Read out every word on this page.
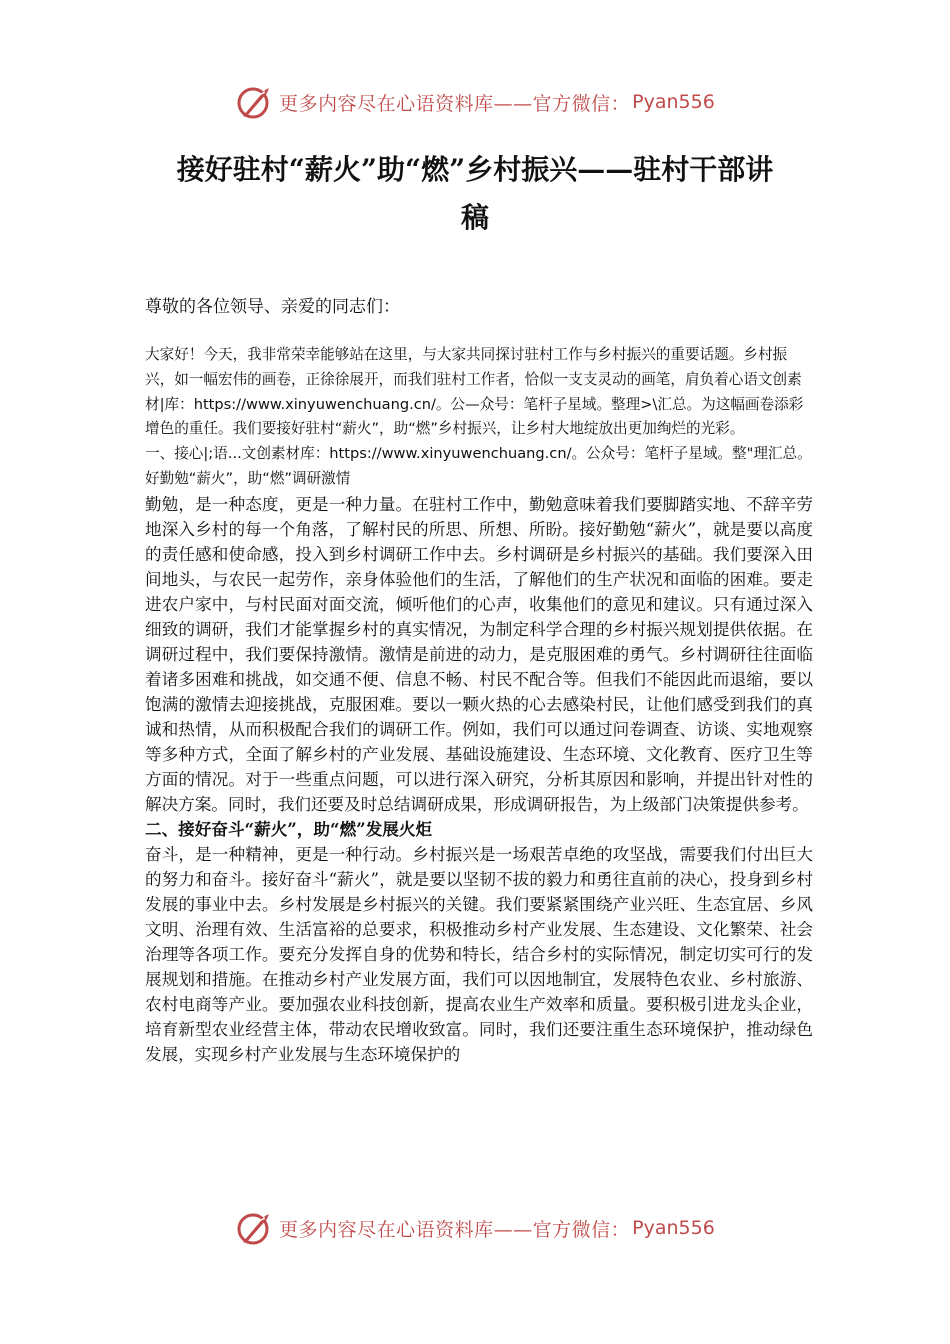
更多内容尽在心语资料库——官方微信： Pyan556
接好驻村“薪火”助“燃”乡村振兴——驻村干部讲
稿

尊敬的各位领导、亲爱的同志们：

大家好！今天，我非常荣幸能够站在这里，与大家共同探讨驻村工作与乡村振兴的重要话题。乡村振兴，如一幅宏伟的画卷，正徐徐展开，而我们驻村工作者，恰似一支支灵动的画笔，肩负着心语文创素材|库：https://www.xinyuwenchuang.cn/。公—众号：笔杆子星域。整理>\汇总。为这幅画卷添彩增色的重任。我们要接好驻村“薪火”，助“燃”乡村振兴，让乡村大地绽放出更加绚烂的光彩。

一、接心|;语...文创素材库：https://www.xinyuwenchuang.cn/。公众号：笔杆子星域。整"理汇总。好勤勉“薪火”，助“燃”调研激情

勤勉，是一种态度，更是一种力量。在驻村工作中，勤勉意味着我们要脚踏实地、不辞辛劳地深入乡村的每一个角落，了解村民的所思、所想、所盼。接好勤勉“薪火”，就是要以高度的责任感和使命感，投入到乡村调研工作中去。乡村调研是乡村振兴的基础。我们要深入田间地头，与农民一起劳作，亲身体验他们的生活，了解他们的生产状况和面临的困难。要走进农户家中，与村民面对面交流，倾听他们的心声，收集他们的意见和建议。只有通过深入细致的调研，我们才能掌握乡村的真实情况，为制定科学合理的乡村振兴规划提供依据。在调研过程中，我们要保持激情。激情是前进的动力，是克服困难的勇气。乡村调研往往面临着诸多困难和挑战，如交通不便、信息不畅、村民不配合等。但我们不能因此而退缩，要以饱满的激情去迎接挑战，克服困难。要以一颗火热的心去感染村民，让他们感受到我们的真诚和热情，从而积极配合我们的调研工作。例如，我们可以通过问卷调查、访谈、实地观察等多种方式，全面了解乡村的产业发展、基础设施建设、生态环境、文化教育、医疗卫生等方面的情况。对于一些重点问题，可以进行深入研究，分析其原因和影响，并提出针对性的解决方案。同时，我们还要及时总结调研成果，形成调研报告，为上级部门决策提供参考。

二、接好奋斗“薪火”，助“燃”发展火炬

奋斗，是一种精神，更是一种行动。乡村振兴是一场艰苦卓绝的攻坚战，需要我们付出巨大的努力和奋斗。接好奋斗“薪火”，就是要以坚韧不拔的毅力和勇往直前的决心，投身到乡村发展的事业中去。乡村发展是乡村振兴的关键。我们要紧紧围绕产业兴旺、生态宜居、乡风文明、治理有效、生活富裕的总要求，积极推动乡村产业发展、生态建设、文化繁荣、社会治理等各项工作。要充分发挥自身的优势和特长，结合乡村的实际情况，制定切实可行的发展规划和措施。在推动乡村产业发展方面，我们可以因地制宜，发展特色农业、乡村旅游、农村电商等产业。要加强农业科技创新，提高农业生产效率和质量。要积极引进龙头企业，培育新型农业经营主体，带动农民增收致富。同时，我们还要注重生态环境保护，推动绿色发展，实现乡村产业发展与生态环境保护的

更多内容尽在心语资料库——官方微信： Pyan556
